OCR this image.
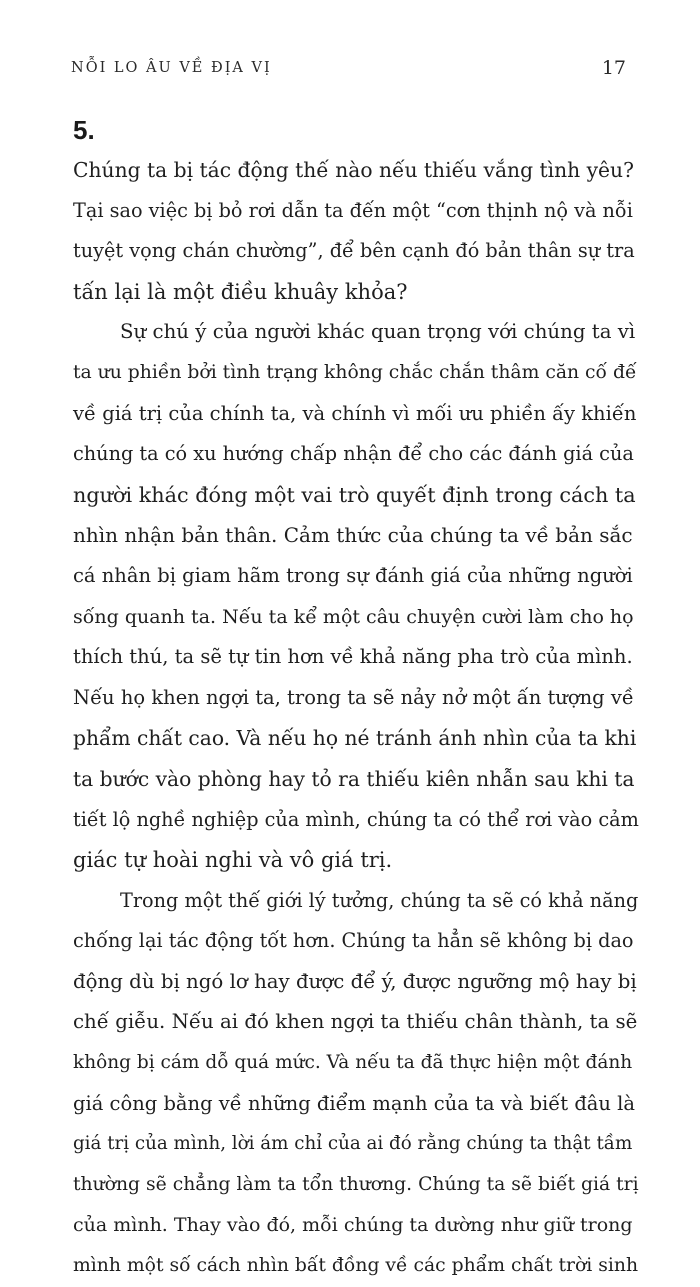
NỖI LO ÂU VỀ ĐỊA VỊ	17
5.
Chúng ta bị tác động thế nào nếu thiếu vắng tình yêu?
Tại sao việc bị bỏ rơi dẫn ta đến một “cơn thịnh nộ và nỗi
tuyệt vọng chán chường”, để bên cạnh đó bản thân sự tra
tấn lại là một điều khuây khỏa?
Sự chú ý của người khác quan trọng với chúng ta vì
ta ưu phiền bởi tình trạng không chắc chắn thâm căn cố đế
về giá trị của chính ta, và chính vì mối ưu phiền ấy khiến
chúng ta có xu hướng chấp nhận để cho các đánh giá của
người khác đóng một vai trò quyết định trong cách ta
nhìn nhận bản thân. Cảm thức của chúng ta về bản sắc
cá nhân bị giam hãm trong sự đánh giá của những người
sống quanh ta. Nếu ta kể một câu chuyện cười làm cho họ
thích thú, ta sẽ tự tin hơn về khả năng pha trò của mình.
Nếu họ khen ngợi ta, trong ta sẽ nảy nở một ấn tượng về
phẩm chất cao. Và nếu họ né tránh ánh nhìn của ta khi
ta bước vào phòng hay tỏ ra thiếu kiên nhẫn sau khi ta
tiết lộ nghề nghiệp của mình, chúng ta có thể rơi vào cảm
giác tự hoài nghi và vô giá trị.
Trong một thế giới lý tưởng, chúng ta sẽ có khả năng
chống lại tác động tốt hơn. Chúng ta hẳn sẽ không bị dao
động dù bị ngó lơ hay được để ý, được ngưỡng mộ hay bị
chế giễu. Nếu ai đó khen ngợi ta thiếu chân thành, ta sẽ
không bị cám dỗ quá mức. Và nếu ta đã thực hiện một đánh
giá công bằng về những điểm mạnh của ta và biết đâu là
giá trị của mình, lời ám chỉ của ai đó rằng chúng ta thật tầm
thường sẽ chẳng làm ta tổn thương. Chúng ta sẽ biết giá trị
của mình. Thay vào đó, mỗi chúng ta dường như giữ trong
mình một số cách nhìn bất đồng về các phẩm chất trời sinh
